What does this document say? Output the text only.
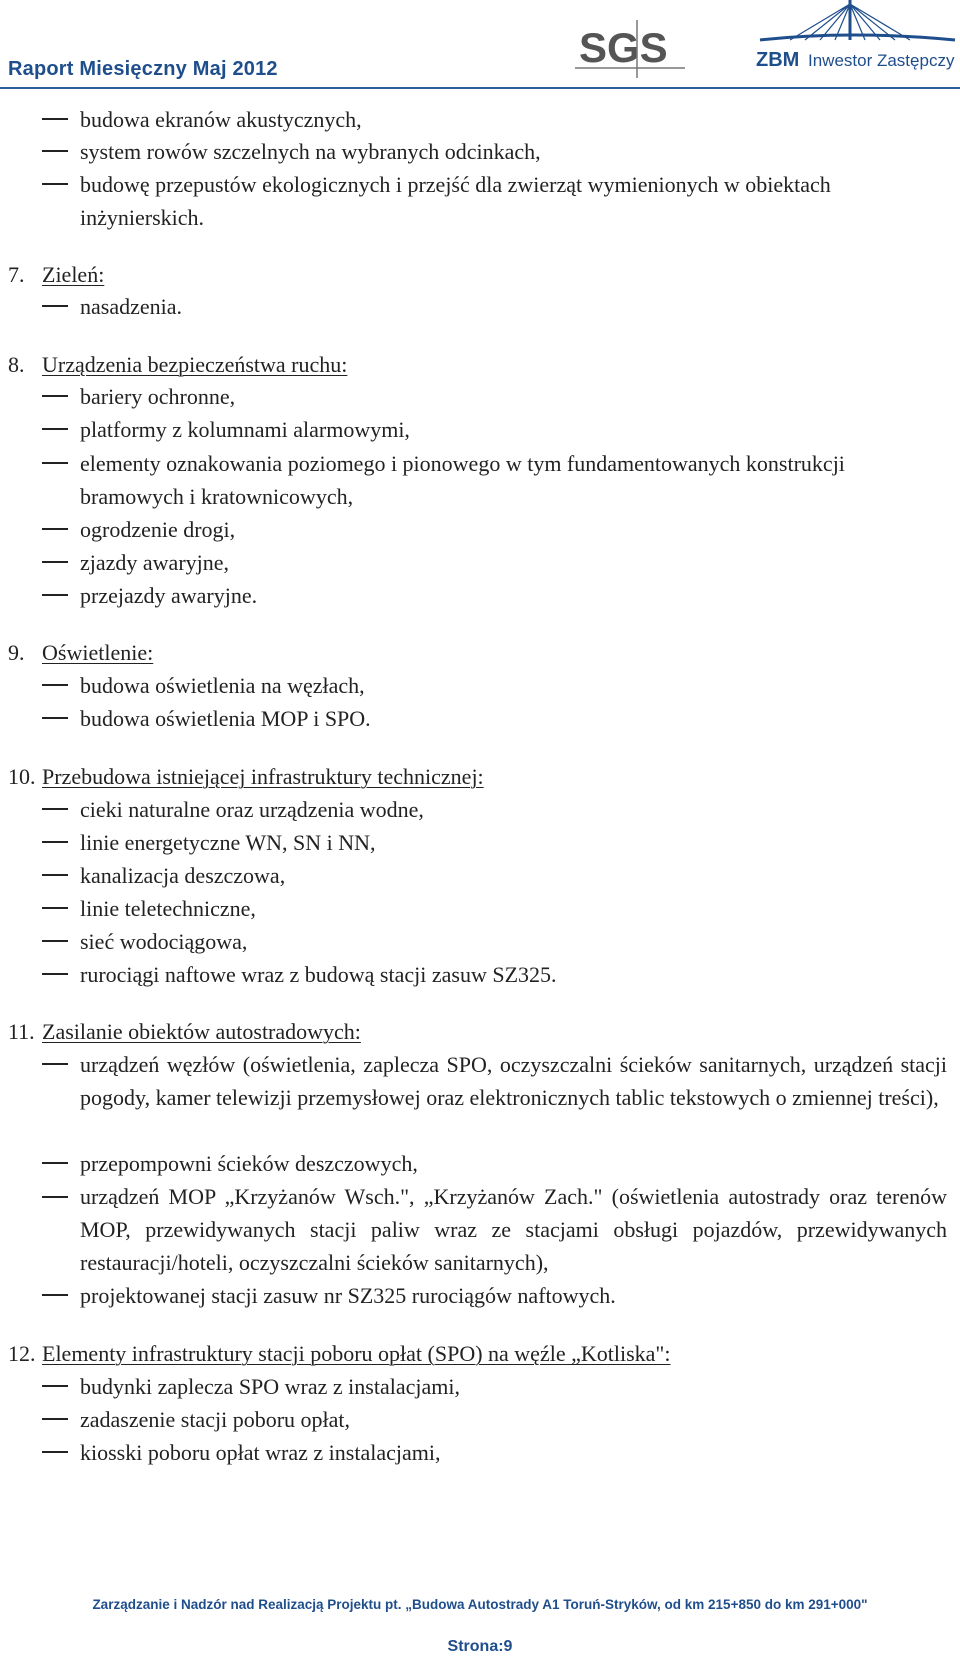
Raport Miesięczny Maj 2012	SGS	ZBM Inwestor Zastępczy
budowa ekranów akustycznych,
system rowów szczelnych na wybranych odcinkach,
budowę przepustów ekologicznych i przejść dla zwierząt wymienionych w obiektach
inżynierskich.
7. Zieleń:
nasadzenia.
8. Urządzenia bezpieczeństwa ruchu:
bariery ochronne,
platformy z kolumnami alarmowymi,
elementy oznakowania poziomego i pionowego w tym fundamentowanych konstrukcji
bramowych i kratownicowych,
ogrodzenie drogi,
zjazdy awaryjne,
przejazdy awaryjne.
9. Oświetlenie:
budowa oświetlenia na węzłach,
budowa oświetlenia MOP i SPO.
10. Przebudowa istniejącej infrastruktury technicznej:
cieki naturalne oraz urządzenia wodne,
linie energetyczne WN, SN i NN,
kanalizacja deszczowa,
linie teletechniczne,
sieć wodociągowa,
rurociągi naftowe wraz z budową stacji zasuw SZ325.
11. Zasilanie obiektów autostradowych:
urządzeń węzłów (oświetlenia, zaplecza SPO, oczyszczalni ścieków sanitarnych, urządzeń stacji pogody, kamer telewizji przemysłowej oraz elektronicznych tablic tekstowych o zmiennej treści),
przepompowni ścieków deszczowych,
urządzeń MOP „Krzyżanów Wsch.", „Krzyżanów Zach." (oświetlenia autostrady oraz terenów MOP, przewidywanych stacji paliw wraz ze stacjami obsługi pojazdów, przewidywanych restauracji/hoteli, oczyszczalni ścieków sanitarnych),
projektowanej stacji zasuw nr SZ325 rurociągów naftowych.
12. Elementy infrastruktury stacji poboru opłat (SPO) na węźle „Kotliska":
budynki zaplecza SPO wraz z instalacjami,
zadaszenie stacji poboru opłat,
kiosski poboru opłat wraz z instalacjami,
Zarządzanie i Nadzór nad Realizacją Projektu pt. „Budowa Autostrady A1 Toruń-Stryków, od km 215+850 do km 291+000"
Strona:9
